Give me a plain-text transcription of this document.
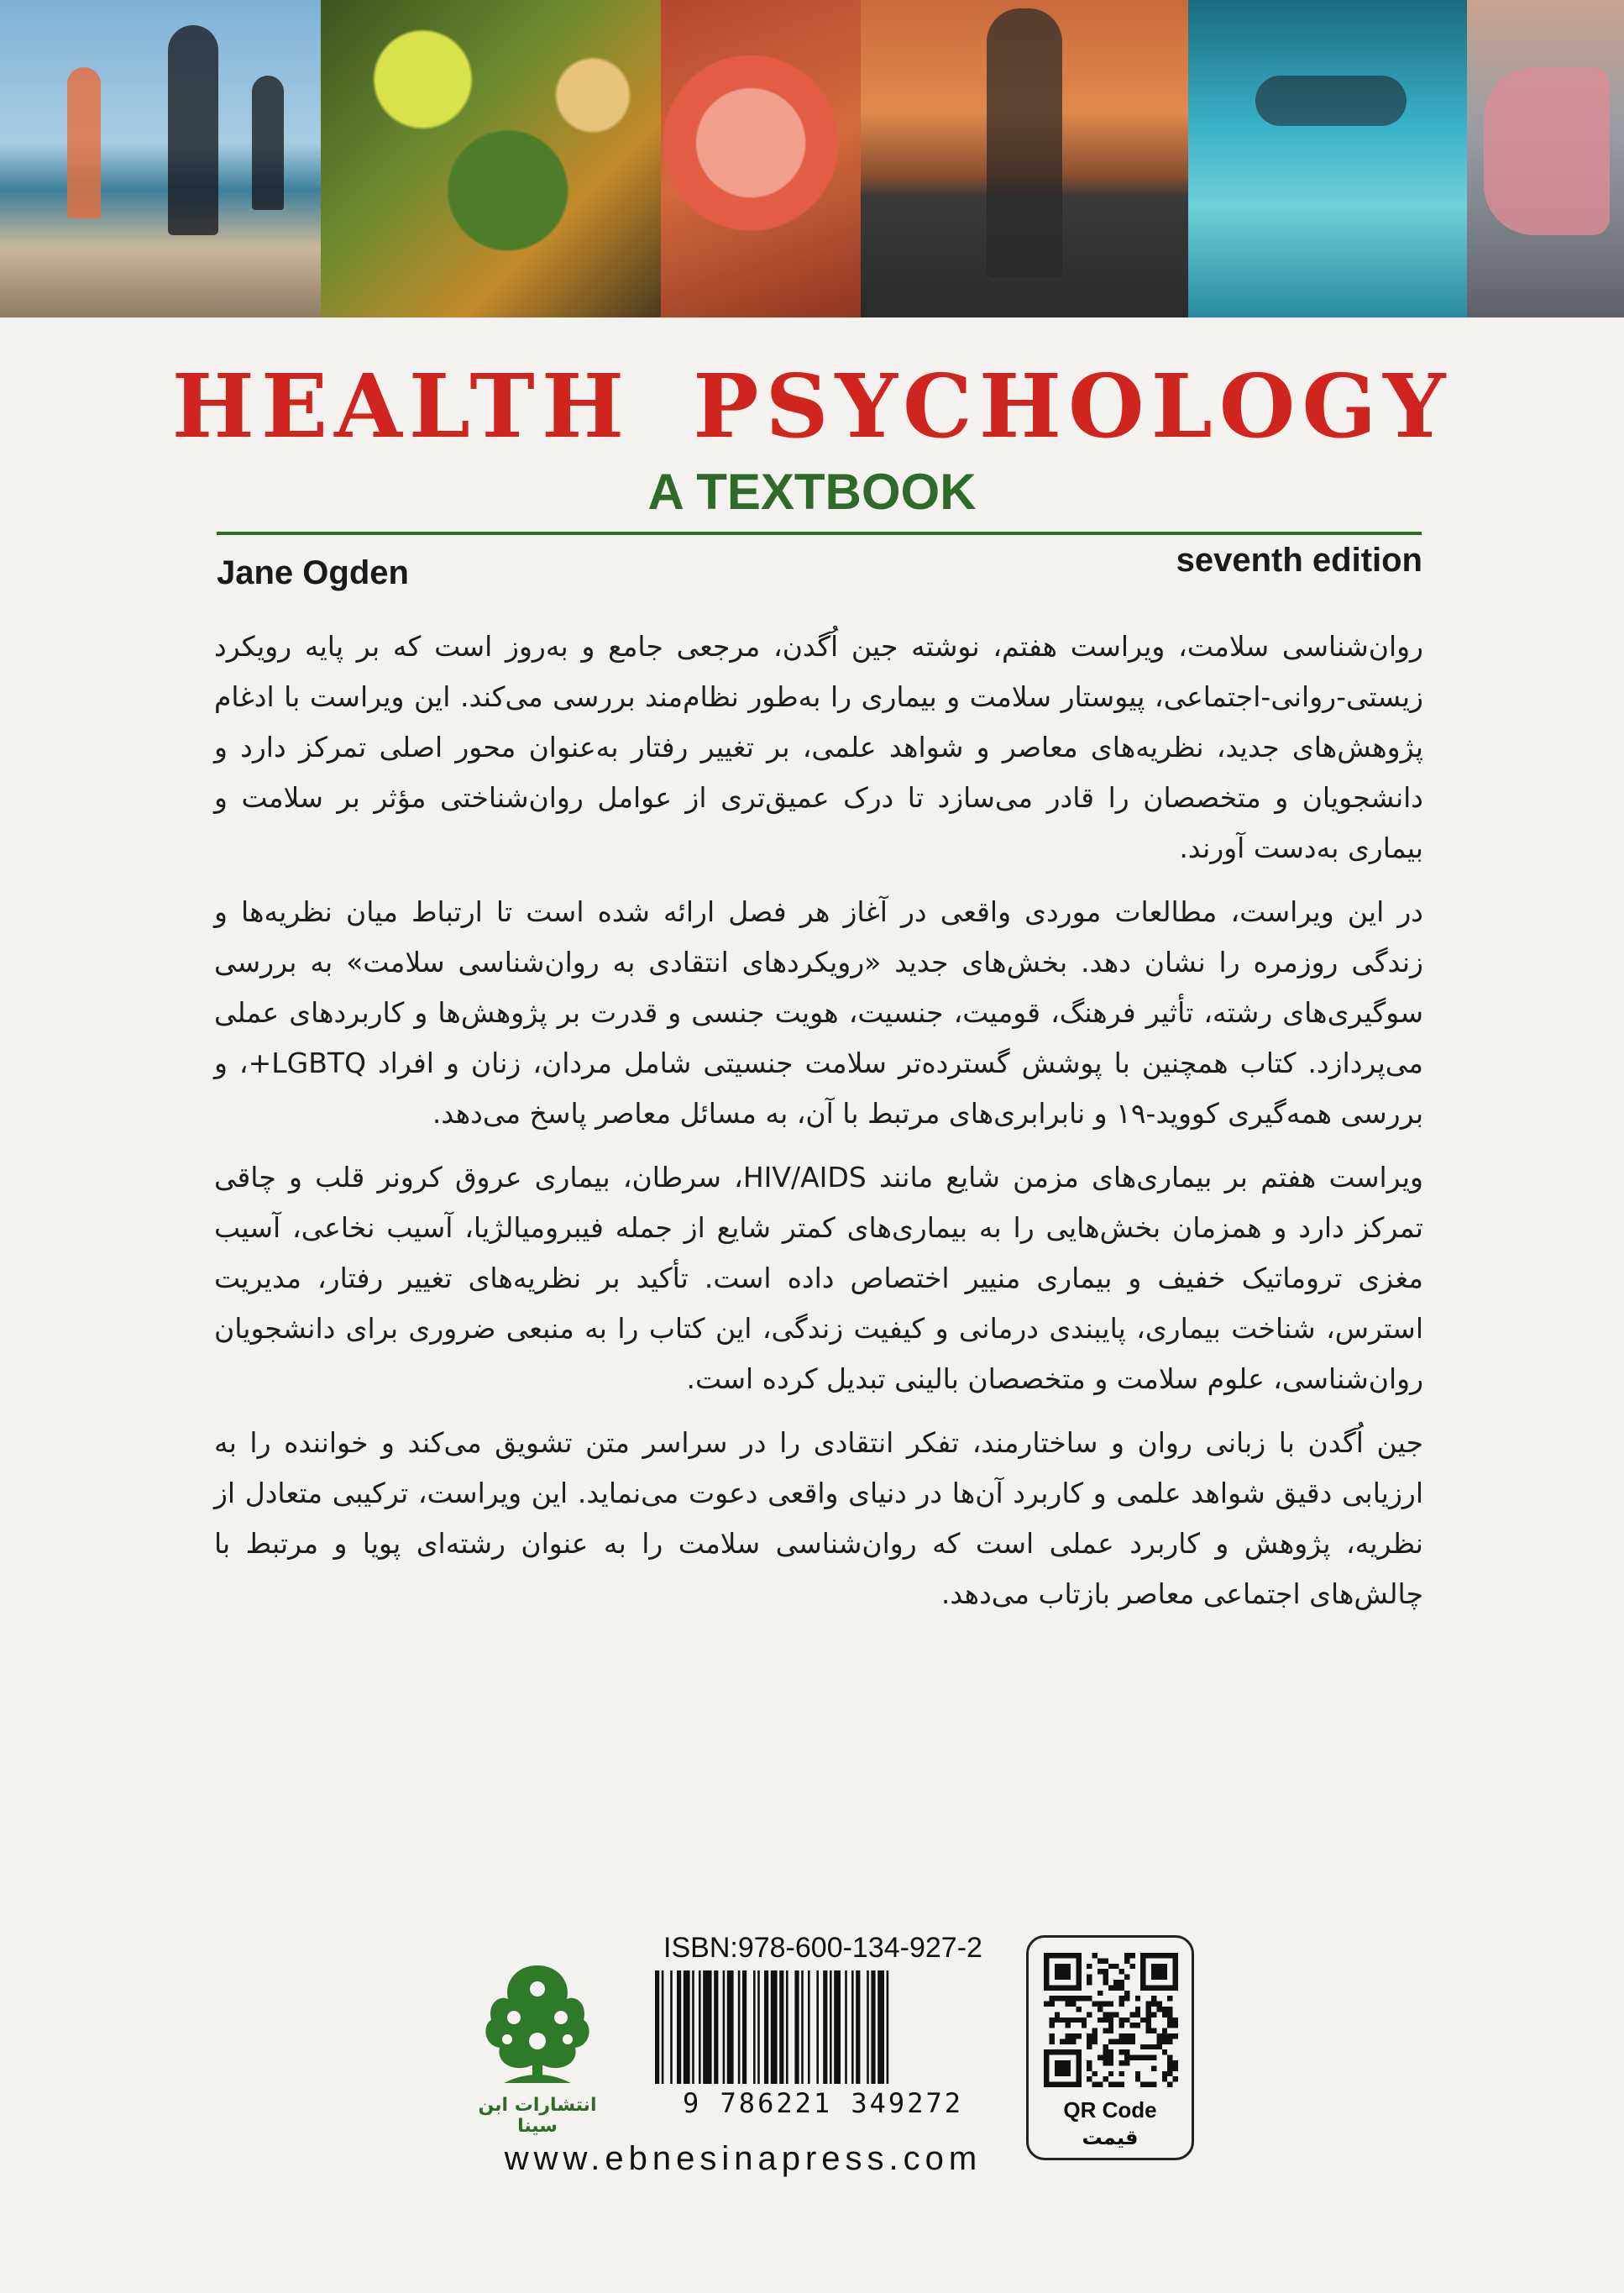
HEALTH PSYCHOLOGY
A TEXTBOOK
Jane Ogden	seventh edition

روان‌شناسی سلامت، ویراست هفتم، نوشته جین اُگدن، مرجعی جامع و به‌روز است که بر پایه رویکرد زیستی-روانی-اجتماعی، پیوستار سلامت و بیماری را به‌طور نظام‌مند بررسی می‌کند. این ویراست با ادغام پژوهش‌های جدید، نظریه‌های معاصر و شواهد علمی، بر تغییر رفتار به‌عنوان محور اصلی تمرکز دارد و دانشجویان و متخصصان را قادر می‌سازد تا درک عمیق‌تری از عوامل روان‌شناختی مؤثر بر سلامت و بیماری به‌دست آورند.

در این ویراست، مطالعات موردی واقعی در آغاز هر فصل ارائه شده است تا ارتباط میان نظریه‌ها و زندگی روزمره را نشان دهد. بخش‌های جدید «رویکردهای انتقادی به روان‌شناسی سلامت» به بررسی سوگیری‌های رشته، تأثیر فرهنگ، قومیت، جنسیت، هویت جنسی و قدرت بر پژوهش‌ها و کاربردهای عملی می‌پردازد. کتاب همچنین با پوشش گسترده‌تر سلامت جنسیتی شامل مردان، زنان و افراد LGBTQ+، و بررسی همه‌گیری کووید-۱۹ و نابرابری‌های مرتبط با آن، به مسائل معاصر پاسخ می‌دهد.

ویراست هفتم بر بیماری‌های مزمن شایع مانند HIV/AIDS، سرطان، بیماری عروق کرونر قلب و چاقی تمرکز دارد و همزمان بخش‌هایی را به بیماری‌های کمتر شایع از جمله فیبرومیالژیا، آسیب نخاعی، آسیب مغزی تروماتیک خفیف و بیماری منییر اختصاص داده است. تأکید بر نظریه‌های تغییر رفتار، مدیریت استرس، شناخت بیماری، پایبندی درمانی و کیفیت زندگی، این کتاب را به منبعی ضروری برای دانشجویان روان‌شناسی، علوم سلامت و متخصصان بالینی تبدیل کرده است.

جین اُگدن با زبانی روان و ساختارمند، تفکر انتقادی را در سراسر متن تشویق می‌کند و خواننده را به ارزیابی دقیق شواهد علمی و کاربرد آن‌ها در دنیای واقعی دعوت می‌نماید. این ویراست، ترکیبی متعادل از نظریه، پژوهش و کاربرد عملی است که روان‌شناسی سلامت را به عنوان رشته‌ای پویا و مرتبط با چالش‌های اجتماعی معاصر بازتاب می‌دهد.

انتشارات ابن سینا
ISBN:978-600-134-927-2
9 786221 349272
www.ebnesinapress.com
QR Code
قیمت
